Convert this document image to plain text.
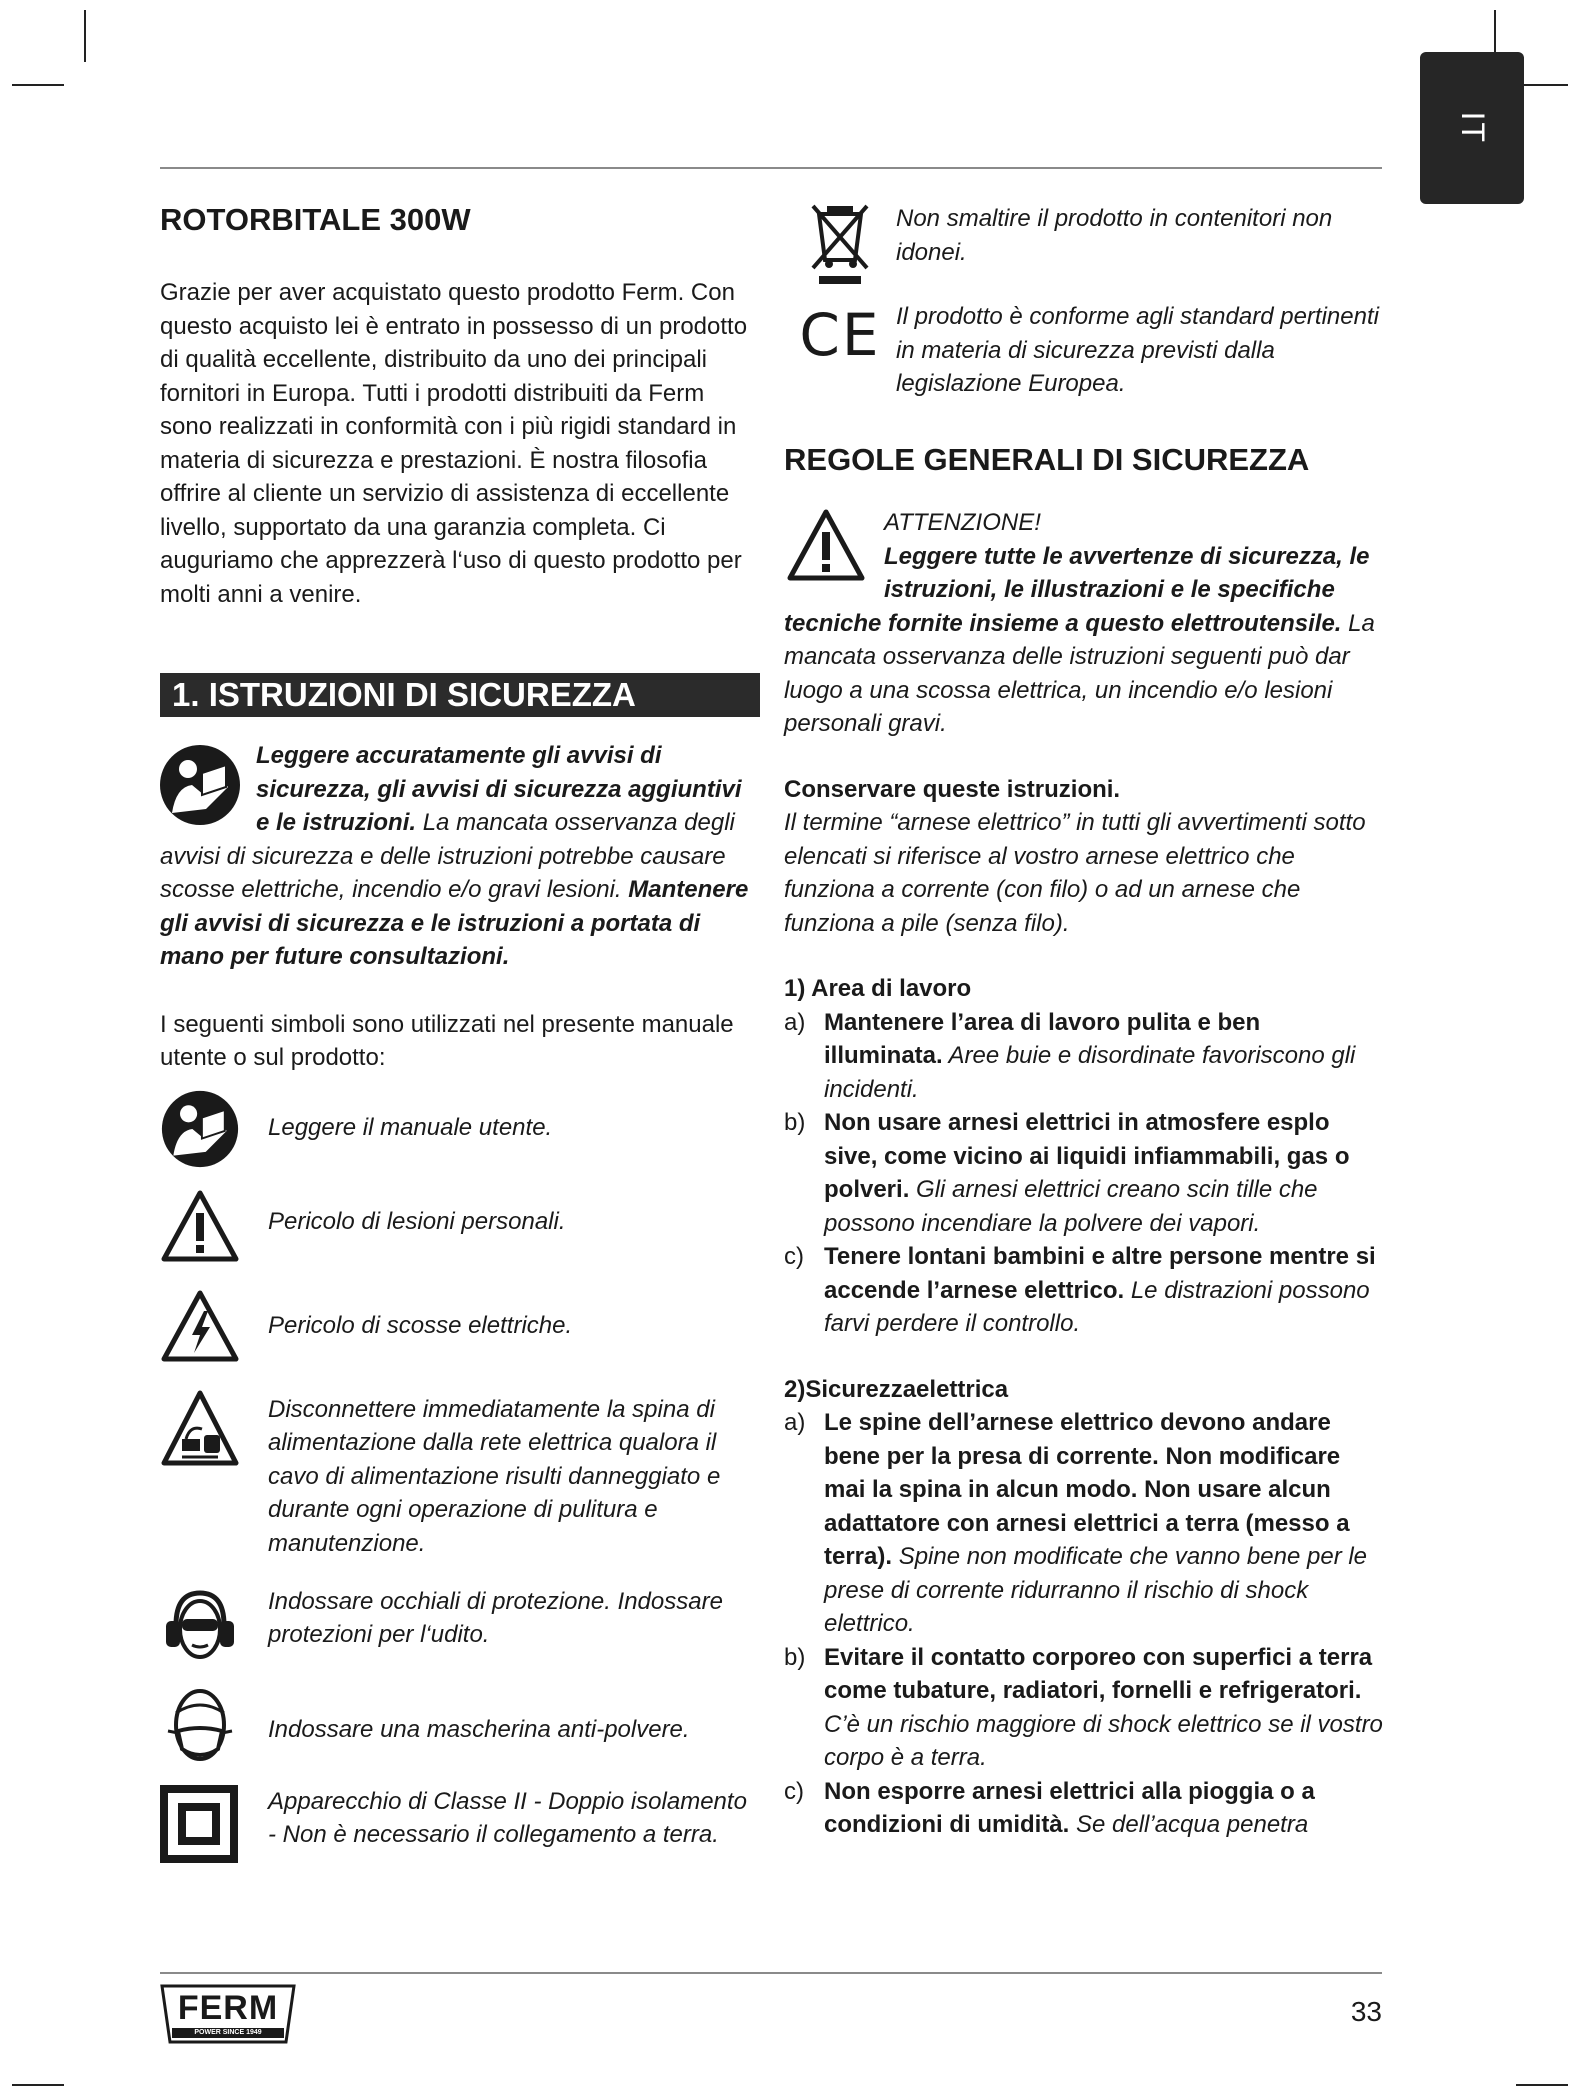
IT
ROTORBITALE 300W

Grazie per aver acquistato questo prodotto Ferm. Con questo acquisto lei è entrato in possesso di un prodotto di qualità eccellente, distribuito da uno dei principali fornitori in Europa. Tutti i prodotti distribuiti da Ferm sono realizzati in conformità con i più rigidi standard in materia di sicurezza e prestazioni. È nostra filosofia offrire al cliente un servizio di assistenza di eccellente livello, supportato da una garanzia completa. Ci auguriamo che apprezzerà l‘uso di questo prodotto per molti anni a venire.

1. ISTRUZIONI DI SICUREZZA
Leggere accuratamente gli avvisi di sicurezza, gli avvisi di sicurezza aggiuntivi e le istruzioni. La mancata osservanza degli avvisi di sicurezza e delle istruzioni potrebbe causare scosse elettriche, incendio e/o gravi lesioni. Mantenere gli avvisi di sicurezza e le istruzioni a portata di mano per future consultazioni.

I seguenti simboli sono utilizzati nel presente manuale utente o sul prodotto:

Leggere il manuale utente.
Pericolo di lesioni personali.
Pericolo di scosse elettriche.
Disconnettere immediatamente la spina di alimentazione dalla rete elettrica qualora il cavo di alimentazione risulti danneggiato e durante ogni operazione di pulitura e manutenzione.
Indossare occhiali di protezione. Indossare protezioni per l‘udito.
Indossare una mascherina anti-polvere.
Apparecchio di Classe II - Doppio isolamento - Non è necessario il collegamento a terra.
Non smaltire il prodotto in contenitori non idonei.
CE Il prodotto è conforme agli standard pertinenti in materia di sicurezza previsti dalla legislazione Europea.
REGOLE GENERALI DI SICUREZZA
ATTENZIONE!
Leggere tutte le avvertenze di sicurezza, le istruzioni, le illustrazioni e le specifiche tecniche fornite insieme a questo elettroutensile. La mancata osservanza delle istruzioni seguenti può dar luogo a una scossa elettrica, un incendio e/o lesioni personali gravi.

Conservare queste istruzioni.

Il termine “arnese elettrico” in tutti gli avvertimenti sotto elencati si riferisce al vostro arnese elettrico che funziona a corrente (con filo) o ad un arnese che funziona a pile (senza filo).

1) Area di lavoro

a) Mantenere l’area di lavoro pulita e ben illuminata. Aree buie e disordinate favoriscono gli incidenti.
b) Non usare arnesi elettrici in atmosfere esplo sive, come vicino ai liquidi infiammabili, gas o polveri. Gli arnesi elettrici creano scin tille che possono incendiare la polvere dei vapori.
c) Tenere lontani bambini e altre persone mentre si accende l’arnese elettrico. Le distrazioni possono farvi perdere il controllo.

2)Sicurezzaelettrica

a) Le spine dell’arnese elettrico devono andare bene per la presa di corrente. Non modificare mai la spina in alcun modo. Non usare alcun adattatore con arnesi elettrici a terra (messo a terra). Spine non modificate che vanno bene per le prese di corrente ridurranno il rischio di shock elettrico.
b) Evitare il contatto corporeo con superfici a terra come tubature, radiatori, fornelli e refrigeratori. C’è un rischio maggiore di shock elettrico se il vostro corpo è a terra.
c) Non esporre arnesi elettrici alla pioggia o a condizioni di umidità. Se dell’acqua penetra
FERM
POWER SINCE 1949
33
